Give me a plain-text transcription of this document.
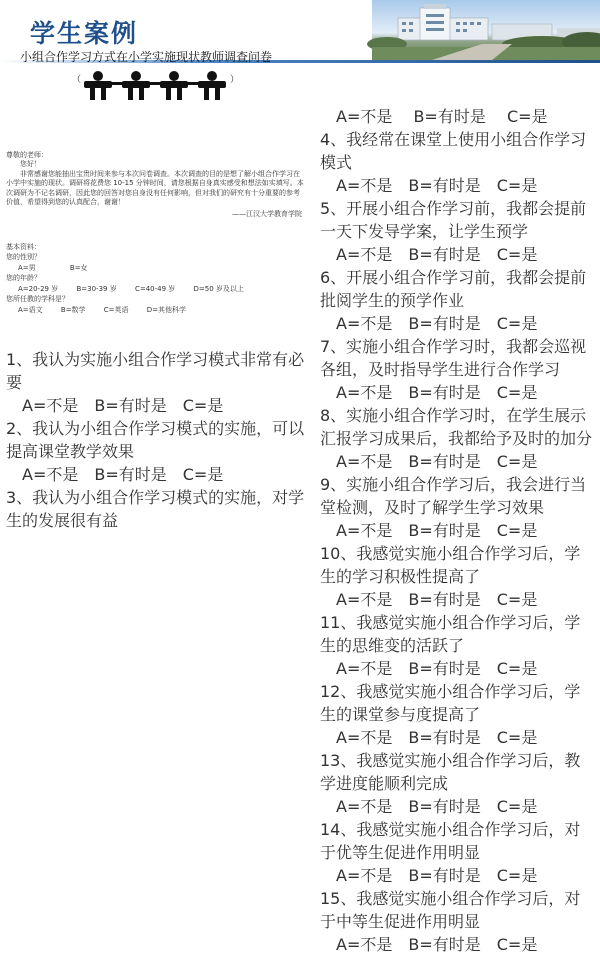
学生案例
小组合作学习方式在小学实施现状教师调查问卷
（	）

尊敬的老师：

您好！

非常感谢您能抽出宝贵时间来参与本次问卷调查。本次调查的目的是想了解小组合作学习在小学中实施的现状。调研将花费您 10-15 分钟时间，请您根据自身真实感受和想法如实填写。本次调研为不记名调研，因此您的回答对您自身没有任何影响，但对我们的研究有十分重要的参考价值，希望得到您的认真配合，谢谢！

——江汉大学教育学院

基本资料：

您的性别？

A=男	B=女

您的年龄？

A=20-29 岁	B=30-39 岁	C=40-49 岁	D=50 岁及以上

您所任教的学科是？

A=语文	B=数学	C=英语	D=其他科学

1、我认为实施小组合作学习模式非常有必要

A=不是 B=有时是 C=是

2、我认为小组合作学习模式的实施，可以提高课堂教学效果

A=不是 B=有时是 C=是

3、我认为小组合作学习模式的实施，对学生的发展很有益

A=不是 B=有时是 C=是

4、我经常在课堂上使用小组合作学习模式

A=不是 B=有时是 C=是

5、开展小组合作学习前，我都会提前一天下发导学案，让学生预学

A=不是 B=有时是 C=是

6、开展小组合作学习前，我都会提前批阅学生的预学作业

A=不是 B=有时是 C=是

7、实施小组合作学习时，我都会巡视各组，及时指导学生进行合作学习

A=不是 B=有时是 C=是

8、实施小组合作学习时，在学生展示汇报学习成果后，我都给予及时的加分

A=不是 B=有时是 C=是

9、实施小组合作学习后，我会进行当堂检测，及时了解学生学习效果

A=不是 B=有时是 C=是

10、我感觉实施小组合作学习后，学生的学习积极性提高了

A=不是 B=有时是 C=是

11、我感觉实施小组合作学习后，学生的思维变的活跃了

A=不是 B=有时是 C=是

12、我感觉实施小组合作学习后，学生的课堂参与度提高了

A=不是 B=有时是 C=是

13、我感觉实施小组合作学习后，教学进度能顺利完成

A=不是 B=有时是 C=是

14、我感觉实施小组合作学习后，对于优等生促进作用明显

A=不是 B=有时是 C=是

15、我感觉实施小组合作学习后，对于中等生促进作用明显

A=不是 B=有时是 C=是
